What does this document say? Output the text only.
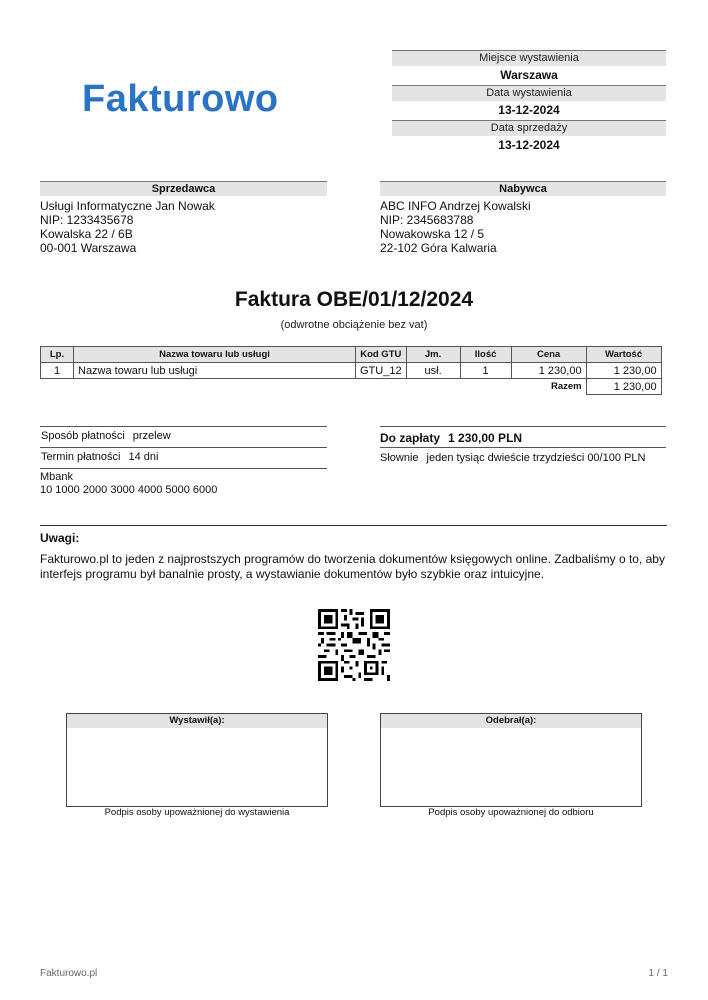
Fakturowo
Miejsce wystawienia
Warszawa
Data wystawienia
13-12-2024
Data sprzedaży
13-12-2024
Sprzedawca
Usługi Informatyczne Jan Nowak
NIP: 1233435678
Kowalska 22 / 6B
00-001 Warszawa
Nabywca
ABC INFO Andrzej Kowalski
NIP: 2345683788
Nowakowska 12 / 5
22-102 Góra Kalwaria
Faktura OBE/01/12/2024
(odwrotne obciążenie bez vat)
Lp.	Nazwa towaru lub usługi	Kod GTU	Jm.	Ilość	Cena	Wartość
1	Nazwa towaru lub usługi	GTU_12	usł.	1	1 230,00	1 230,00
Razem						1 230,00
Sposób płatności przelew
Termin płatności 14 dni
Mbank
10 1000 2000 3000 4000 5000 6000
Do zapłaty 1 230,00 PLN
Słownie jeden tysiąc dwieście trzydzieści 00/100 PLN
Uwagi:
Fakturowo.pl to jeden z najprostszych programów do tworzenia dokumentów księgowych online. Zadbaliśmy o to, aby interfejs programu był banalnie prosty, a wystawianie dokumentów było szybkie oraz intuicyjne.
Wystawił(a):
Podpis osoby upoważnionej do wystawienia
Odebrał(a):
Podpis osoby upoważnionej do odbioru
Fakturowo.pl	1 / 1
